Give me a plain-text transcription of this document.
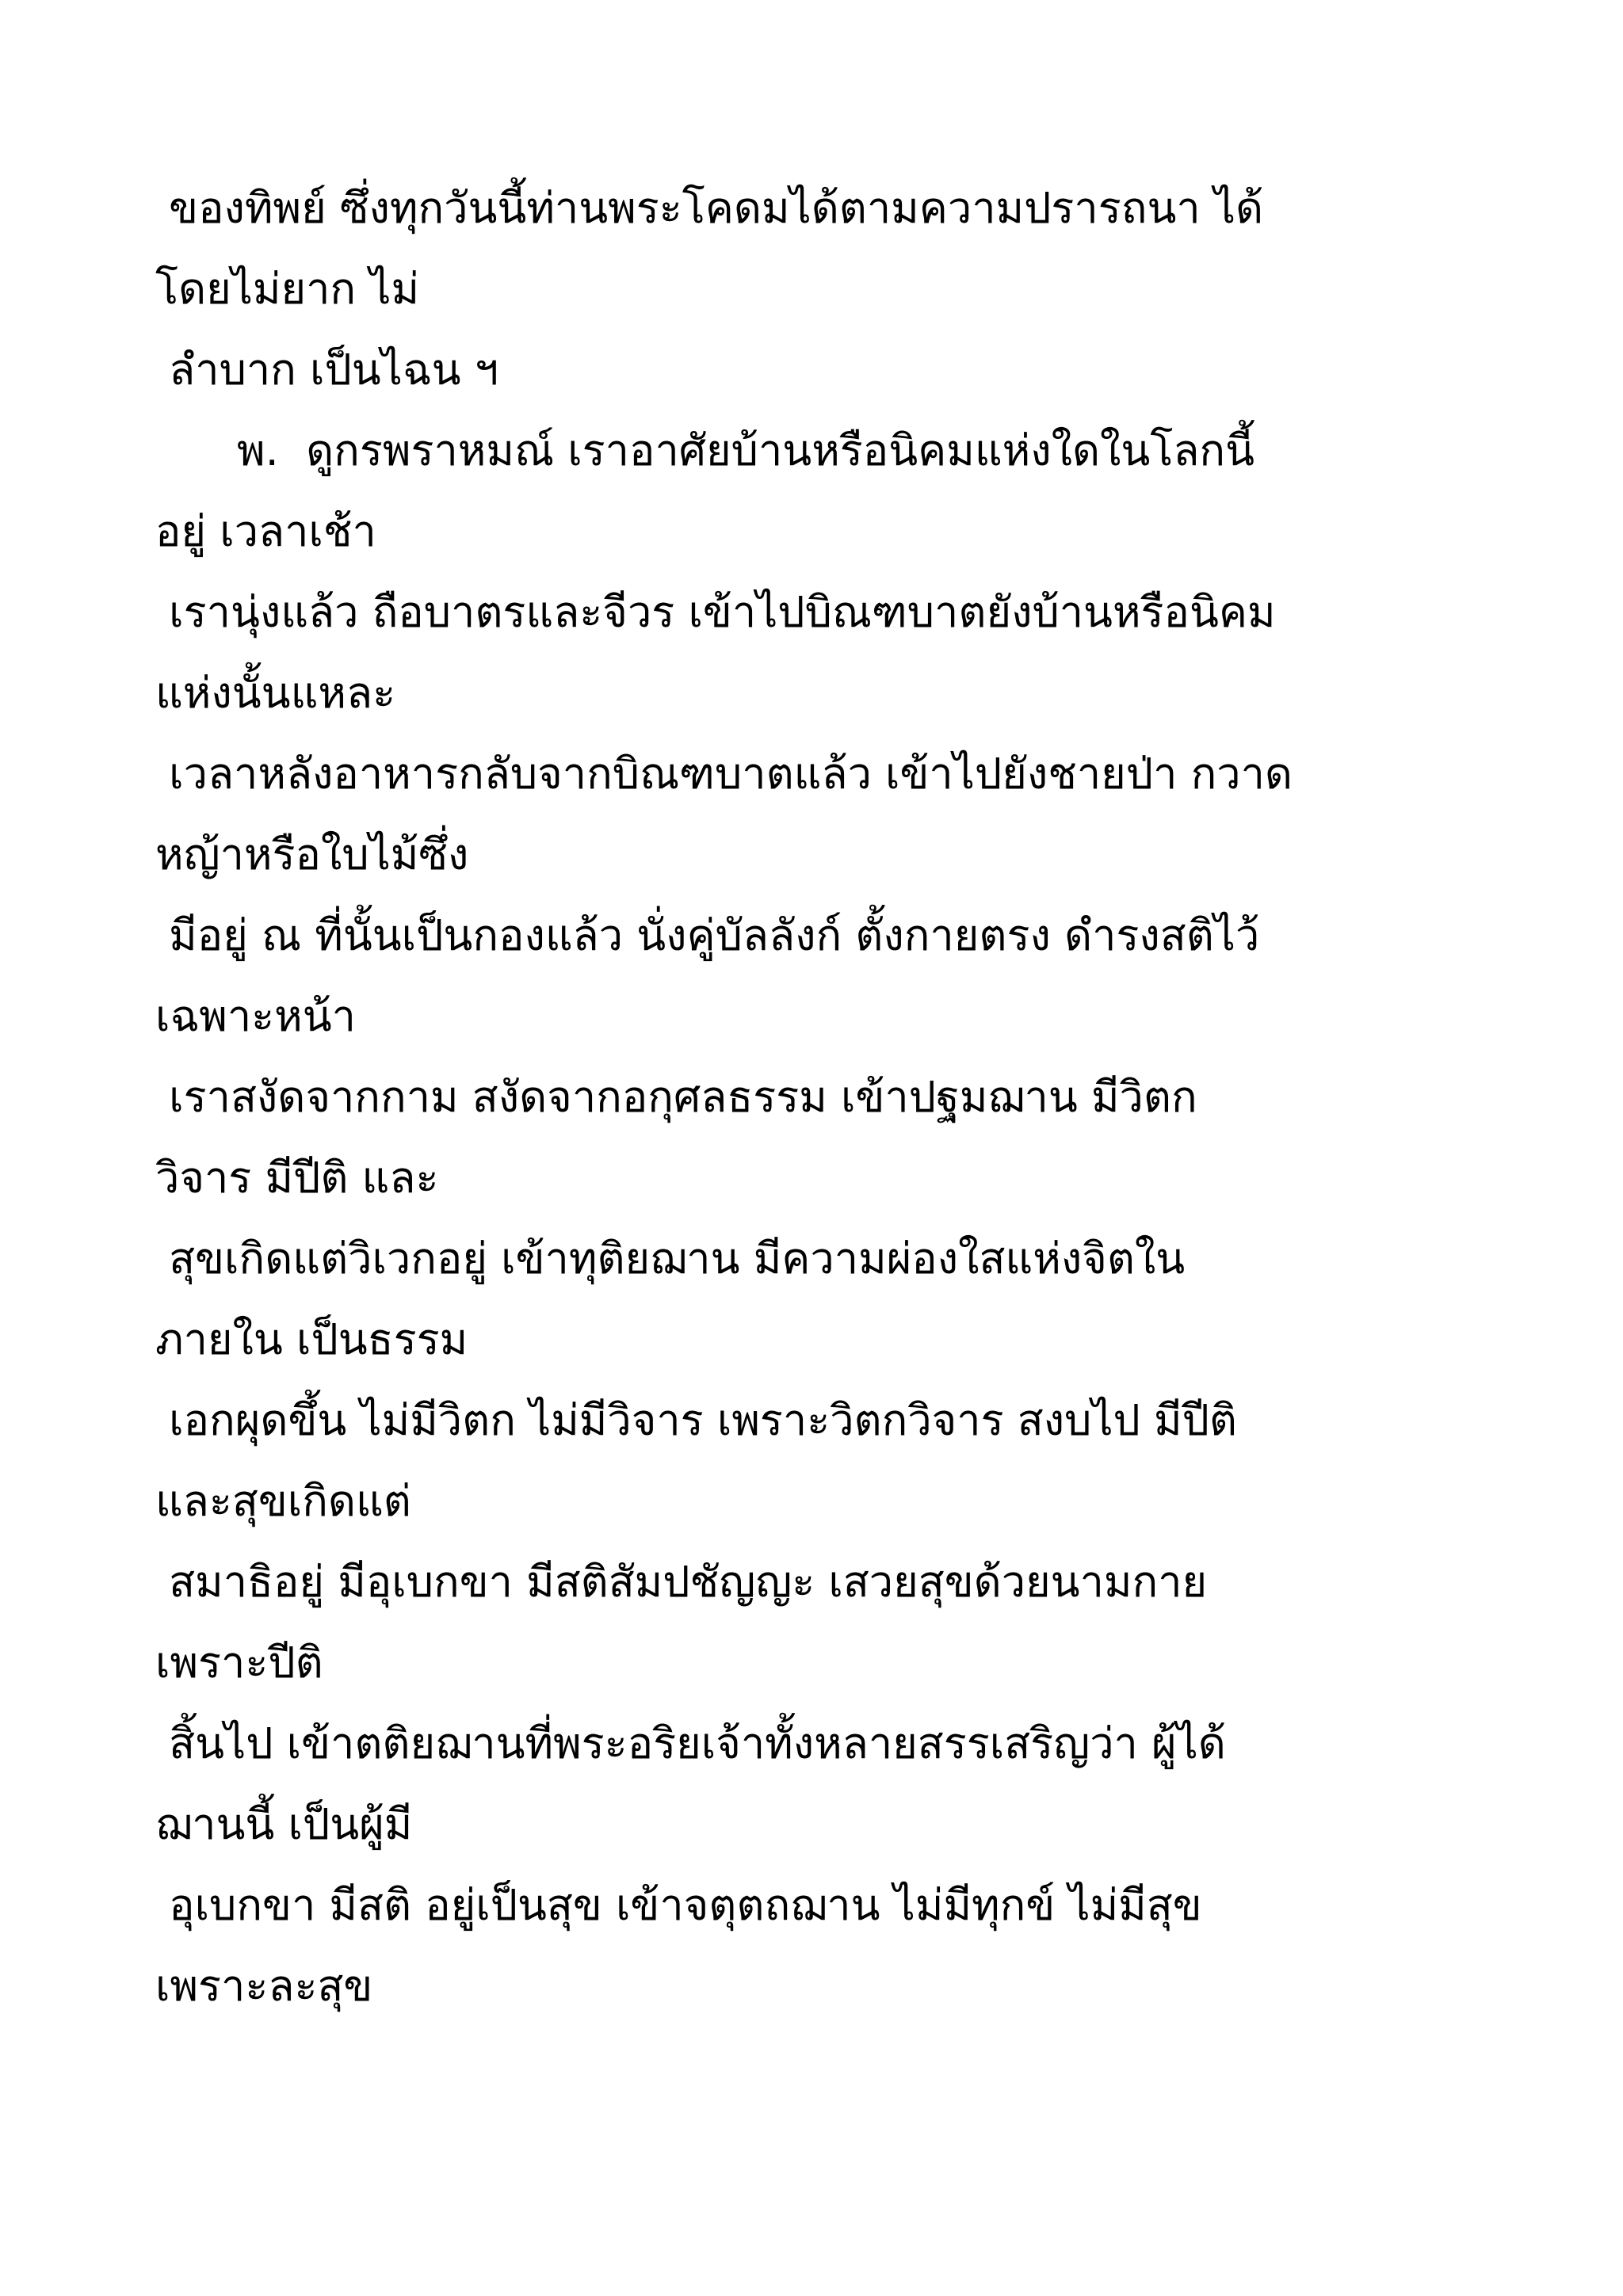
ของทิพย์ ซึ่งทุกวันนี้ท่านพระโคดมได้ตามความปรารถนา ได้
โดยไม่ยาก ไม่
ลำบาก เป็นไฉน ฯ
พ.  ดูกรพราหมณ์ เราอาศัยบ้านหรือนิคมแห่งใดในโลกนี้
อยู่ เวลาเช้า
เรานุ่งแล้ว ถือบาตรและจีวร เข้าไปบิณฑบาตยังบ้านหรือนิคม
แห่งนั้นแหละ
เวลาหลังอาหารกลับจากบิณฑบาตแล้ว เข้าไปยังชายป่า กวาด
หญ้าหรือใบไม้ซึ่ง
มีอยู่ ณ ที่นั้นเป็นกองแล้ว นั่งคู่บัลลังก์ ตั้งกายตรง ดำรงสติไว้
เฉพาะหน้า
เราสงัดจากกาม สงัดจากอกุศลธรรม เข้าปฐมฌาน มีวิตก
วิจาร มีปีติ และ
สุขเกิดแต่วิเวกอยู่ เข้าทุติยฌาน มีความผ่องใสแห่งจิตใน
ภายใน เป็นธรรม
เอกผุดขึ้น ไม่มีวิตก ไม่มีวิจาร เพราะวิตกวิจาร สงบไป มีปีติ
และสุขเกิดแต่
สมาธิอยู่ มีอุเบกขา มีสติสัมปชัญญะ เสวยสุขด้วยนามกาย
เพราะปีติ
สิ้นไป เข้าตติยฌานที่พระอริยเจ้าทั้งหลายสรรเสริญว่า ผู้ได้
ฌานนี้ เป็นผู้มี
อุเบกขา มีสติ อยู่เป็นสุข เข้าจตุตถฌาน ไม่มีทุกข์ ไม่มีสุข
เพราะละสุข
